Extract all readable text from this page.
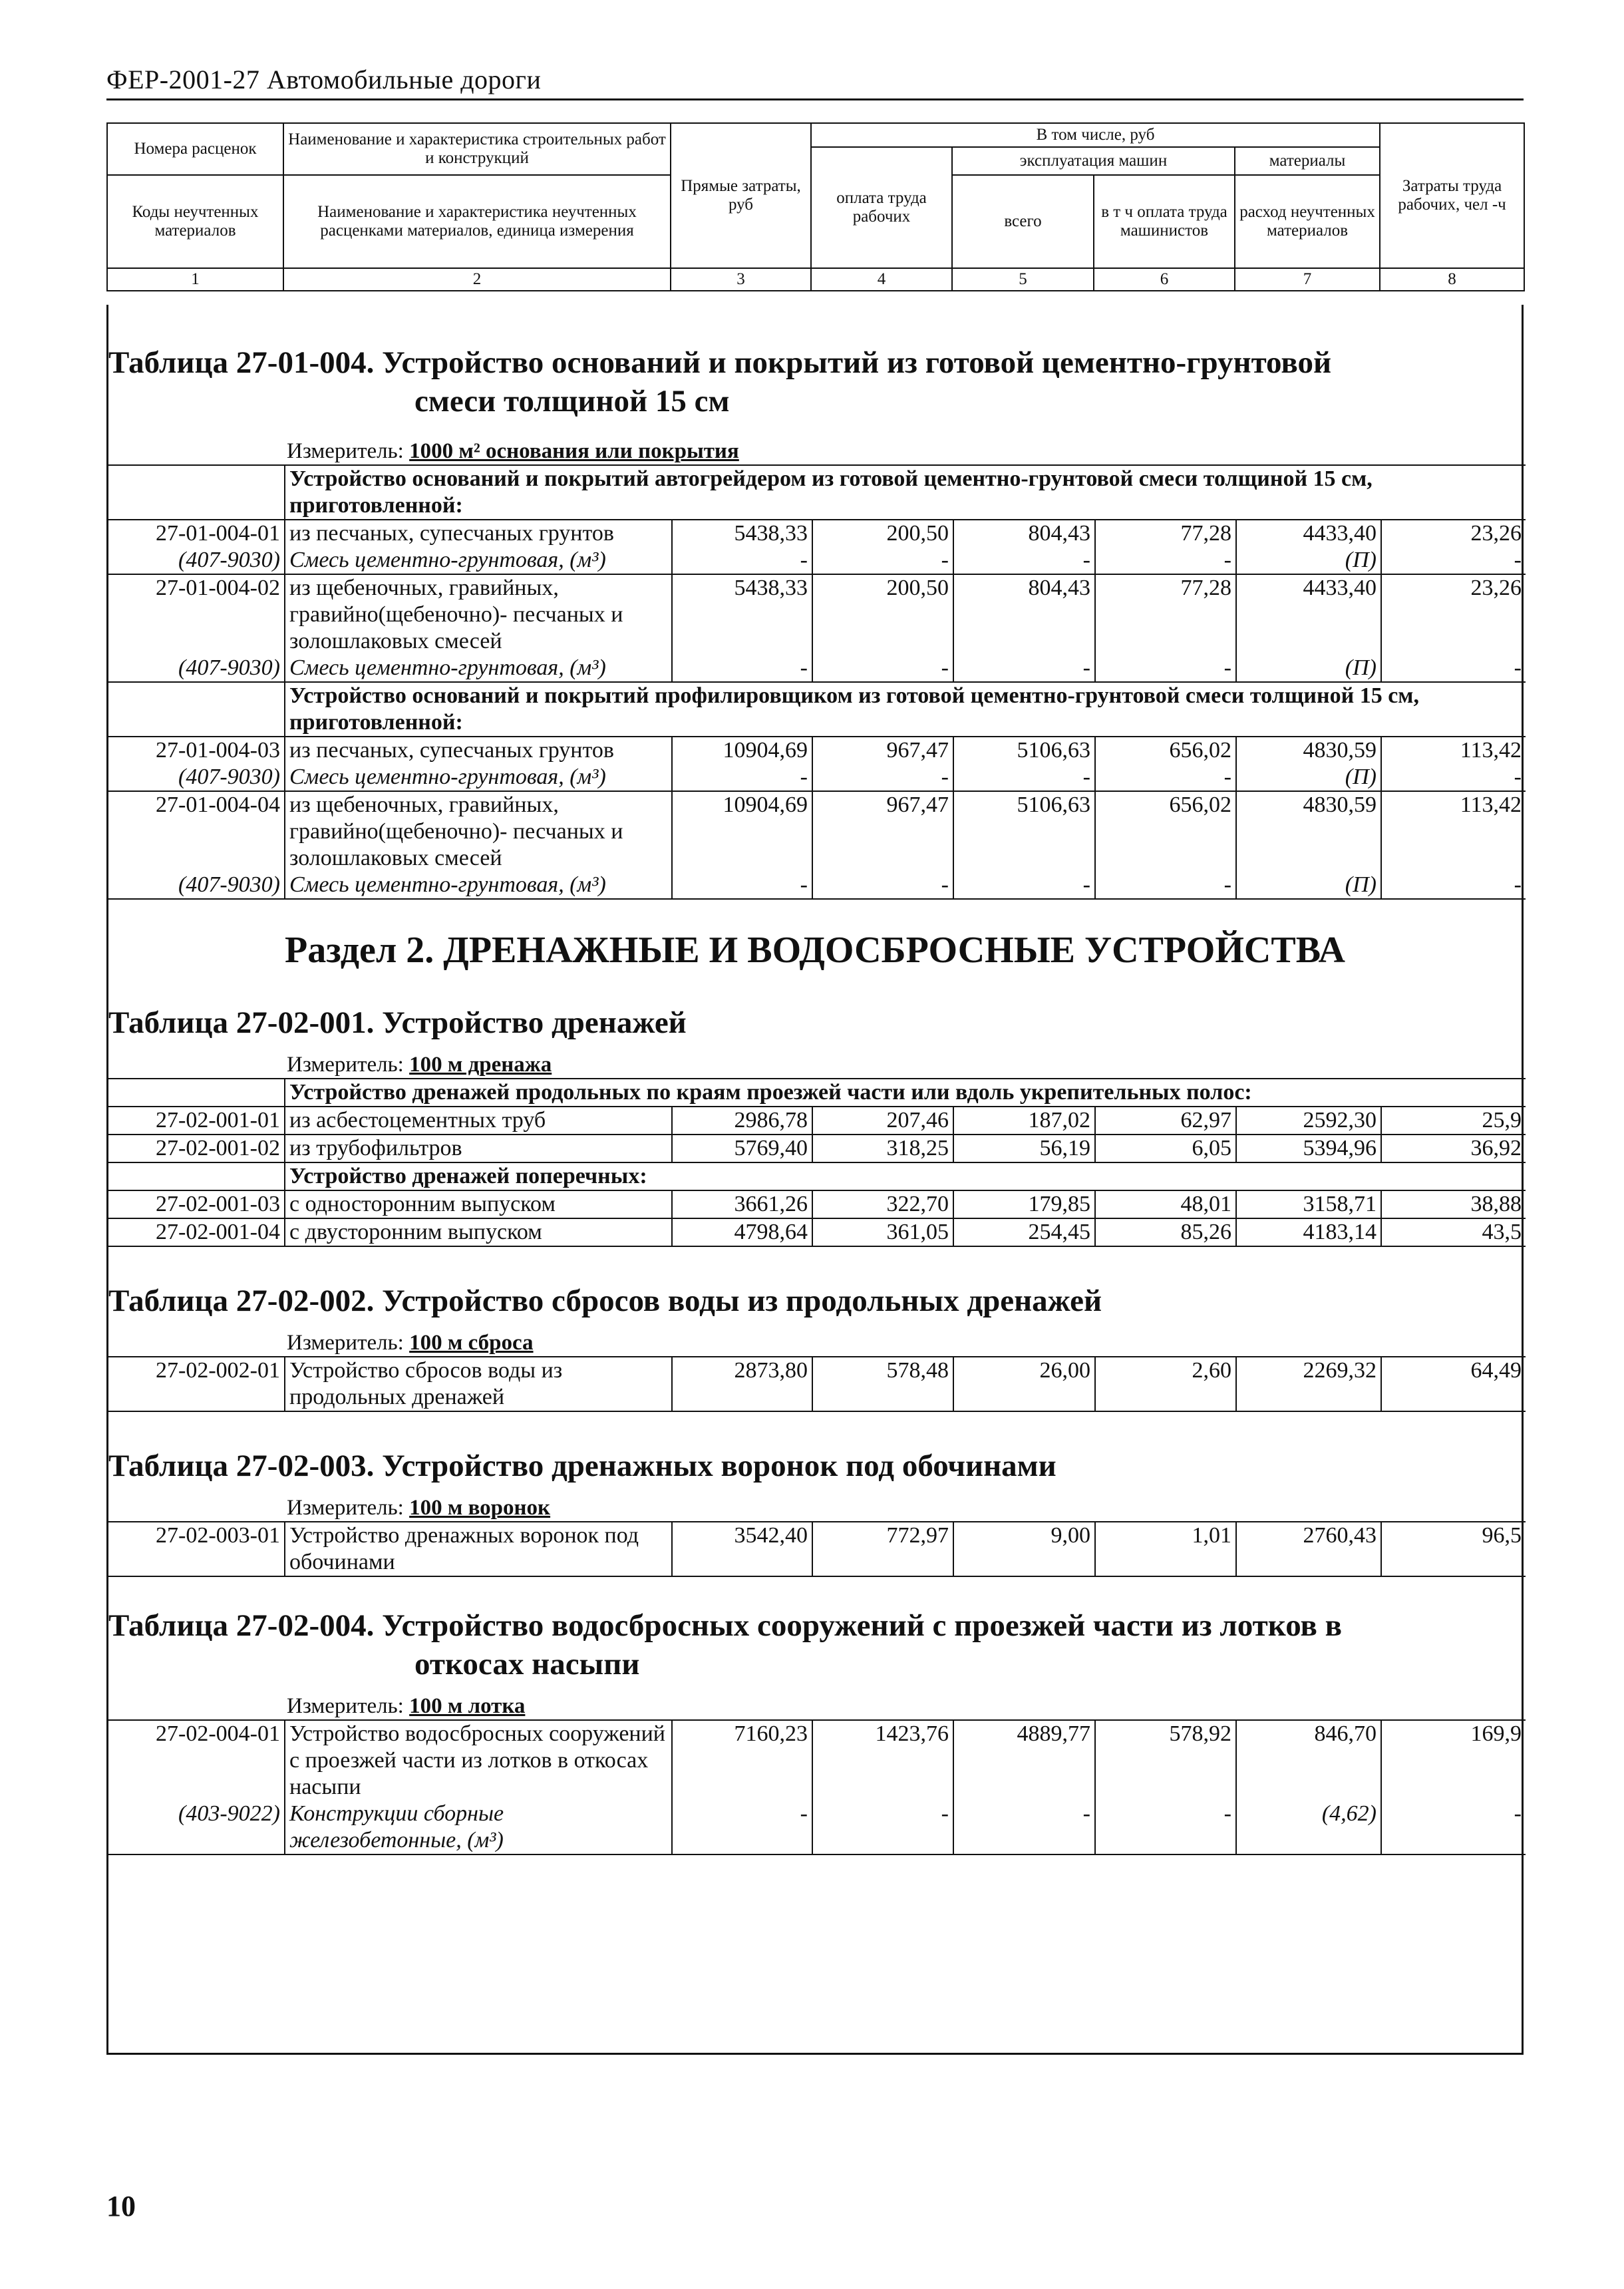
ФЕР-2001-27 Автомобильные дороги
Номера расценок	Наименование и характеристика строительных работ и конструкций	Прямые затраты, руб	В том числе, руб				Затраты труда рабочих, чел -ч
			оплата труда рабочих	эксплуатация машин		материалы	
Коды неучтенных материалов	Наименование и характеристика неучтенных расценками материалов, единица измерения			всего	в т ч оплата труда машинистов	расход неучтенных материалов	

1	2	3	4	5	6	7	8
Таблица 27-01-004. Устройство оснований и покрытий из готовой цементно-грунтовой
смеси толщиной 15 см
Измеритель: 1000 м² основания или покрытия
	Устройство оснований и покрытий автогрейдером из готовой цементно-грунтовой смеси толщиной 15 см, приготовленной:						
27-01-004-01	из песчаных, супесчаных грунтов	5438,33	200,50	804,43	77,28	4433,40	23,26
(407-9030)	Смесь цементно-грунтовая, (м³)	-	-	-	-	(П)	-
27-01-004-02	из щебеночных, гравийных, гравийно(щебеночно)- песчаных и золошлаковых смесей	5438,33	200,50	804,43	77,28	4433,40	23,26
(407-9030)	Смесь цементно-грунтовая, (м³)	-	-	-	-	(П)	-
	Устройство оснований и покрытий профилировщиком из готовой цементно-грунтовой смеси толщиной 15 см, приготовленной:						
27-01-004-03	из песчаных, супесчаных грунтов	10904,69	967,47	5106,63	656,02	4830,59	113,42
(407-9030)	Смесь цементно-грунтовая, (м³)	-	-	-	-	(П)	-
27-01-004-04	из щебеночных, гравийных, гравийно(щебеночно)- песчаных и золошлаковых смесей	10904,69	967,47	5106,63	656,02	4830,59	113,42
(407-9030)	Смесь цементно-грунтовая, (м³)	-	-	-	-	(П)	-
Раздел 2. ДРЕНАЖНЫЕ И ВОДОСБРОСНЫЕ УСТРОЙСТВА
Таблица 27-02-001. Устройство дренажей
Измеритель: 100 м дренажа
	Устройство дренажей продольных по краям проезжей части или вдоль укрепительных полос:						
27-02-001-01	из асбестоцементных труб	2986,78	207,46	187,02	62,97	2592,30	25,9
27-02-001-02	из трубофильтров	5769,40	318,25	56,19	6,05	5394,96	36,92
	Устройство дренажей поперечных:						
27-02-001-03	с односторонним выпуском	3661,26	322,70	179,85	48,01	3158,71	38,88
27-02-001-04	с двусторонним выпуском	4798,64	361,05	254,45	85,26	4183,14	43,5
Таблица 27-02-002. Устройство сбросов воды из продольных дренажей
Измеритель: 100 м сброса
27-02-002-01	Устройство сбросов воды из продольных дренажей	2873,80	578,48	26,00	2,60	2269,32	64,49
Таблица 27-02-003. Устройство дренажных воронок под обочинами
Измеритель: 100 м воронок
27-02-003-01	Устройство дренажных воронок под обочинами	3542,40	772,97	9,00	1,01	2760,43	96,5
Таблица 27-02-004. Устройство водосбросных сооружений с проезжей части из лотков в
откосах насыпи
Измеритель: 100 м лотка
27-02-004-01	Устройство водосбросных сооружений с проезжей части из лотков в откосах насыпи	7160,23	1423,76	4889,77	578,92	846,70	169,9
(403-9022)	Конструкции сборные железобетонные, (м³)	-	-	-	-	(4,62)	-
10
